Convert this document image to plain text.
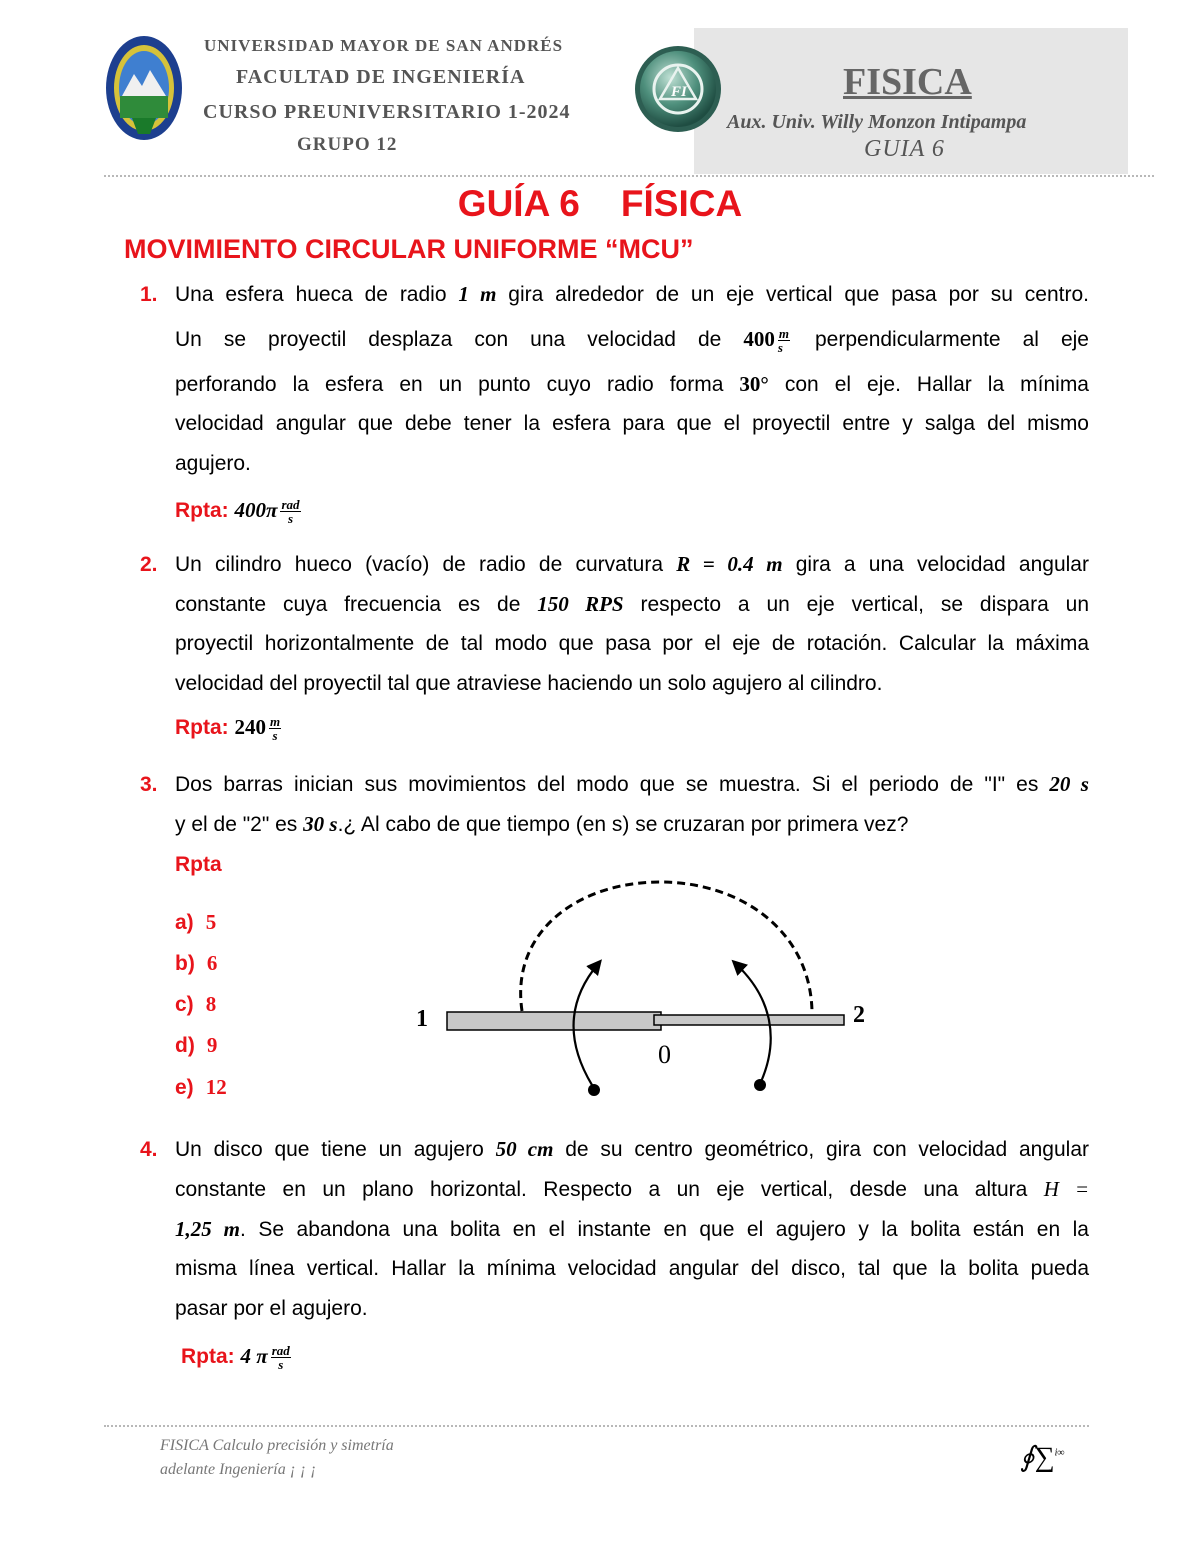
UNIVERSIDAD MAYOR DE SAN ANDRÉS
FACULTAD DE INGENIERÍA
CURSO PREUNIVERSITARIO 1-2024
GRUPO 12
FI	FISICA
Aux. Univ. Willy Monzon Intipampa
GUIA 6
GUÍA 6    FÍSICA
MOVIMIENTO CIRCULAR UNIFORME “MCU”
1. Una esfera hueca de radio 1 m gira alrededor de un eje vertical que pasa por su centro.
Un se proyectil desplaza con una velocidad de $400 \frac{m}{s}$ perpendicularmente al eje
perforando la esfera en un punto cuyo radio forma 30° con el eje. Hallar la mínima
velocidad angular que debe tener la esfera para que el proyectil entre y salga del mismo
agujero.
Rpta: $400\pi \frac{\text{rad}}{s}$
2. Un cilindro hueco (vacío) de radio de curvatura R = 0.4 m gira a una velocidad angular
constante cuya frecuencia es de 150 RPS respecto a un eje vertical, se dispara un
proyectil horizontalmente de tal modo que pasa por el eje de rotación. Calcular la máxima
velocidad del proyectil tal que atraviese haciendo un solo agujero al cilindro.
Rpta: $240 \frac{m}{s}$
3. Dos barras inician sus movimientos del modo que se muestra. Si el periodo de "I" es 20 s
y el de "2" es 30 s.¿ Al cabo de que tiempo (en s) se cruzaran por primera vez?
Rpta
a) 5
b) 6
c) 8
d) 9
e) 12
1	2
0
4. Un disco que tiene un agujero 50 cm de su centro geométrico, gira con velocidad angular
constante en un plano horizontal. Respecto a un eje vertical, desde una altura H =
1,25 m. Se abandona una bolita en el instante en que el agujero y la bolita están en la
misma línea vertical. Hallar la mínima velocidad angular del disco, tal que la bolita pueda
pasar por el agujero.
Rpta: 4 π $\frac{\text{rad}}{s}$
FISICA Calculo precisión y simetría
adelante Ingeniería ¡ ¡ ¡	∮∑$^{i\infty}$
